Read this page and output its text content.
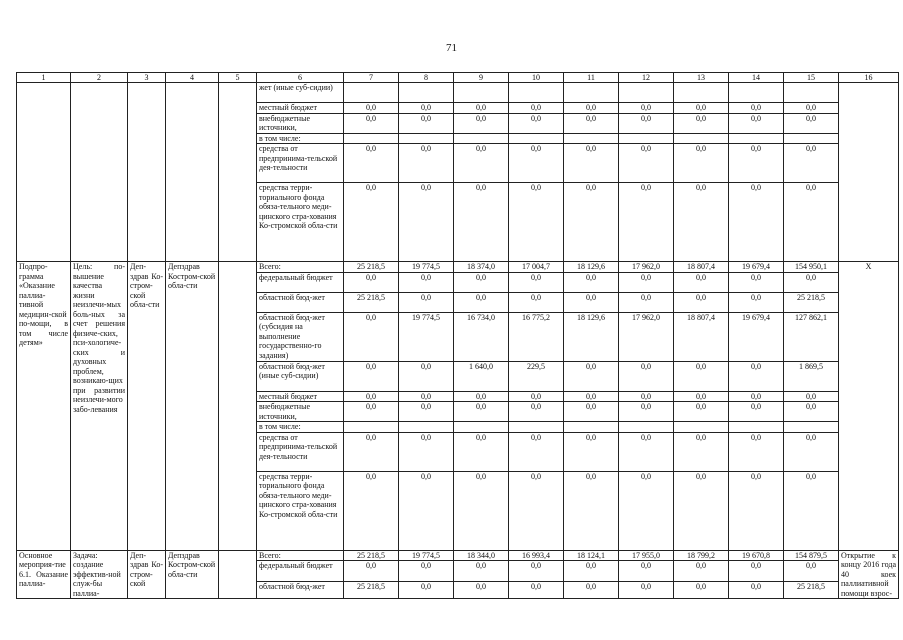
71
1	2	3	4	5	6	7	8	9	10	11	12	13	14	15	16
					жет (иные суб-сидии)										
					местный бюджет	0,0	0,0	0,0	0,0	0,0	0,0	0,0	0,0	0,0	
					внебюджетные источники,	0,0	0,0	0,0	0,0	0,0	0,0	0,0	0,0	0,0	
					в том числе:										
					средства от предпринима-тельской дея-тельности	0,0	0,0	0,0	0,0	0,0	0,0	0,0	0,0	0,0	
					средства терри-ториального фонда обяза-тельного меди-цинского стра-хования Ко-стромской обла-сти	0,0	0,0	0,0	0,0	0,0	0,0	0,0	0,0	0,0	
Подпро-грамма «Оказание паллиа-тивной медицин-ской по-мощи, в том числе детям»	Цель: по-вышение качества жизни неизлечи-мых боль-ных за счет решения физиче-ских, пси-хологиче-ских и духовных проблем, возникаю-щих при развитии неизлечи-мого забо-левания	Деп-здрав Ко-стром-ской обла-сти	Депздрав Костром-ской обла-сти		Всего:	25 218,5	19 774,5	18 374,0	17 004,7	18 129,6	17 962,0	18 807,4	19 679,4	154 950,1	Х
					федеральный бюджет	0,0	0,0	0,0	0,0	0,0	0,0	0,0	0,0	0,0	
					областной бюд-жет	25 218,5	0,0	0,0	0,0	0,0	0,0	0,0	0,0	25 218,5	
					областной бюд-жет (субсидия на выполнение государственно-го задания)	0,0	19 774,5	16 734,0	16 775,2	18 129,6	17 962,0	18 807,4	19 679,4	127 862,1	
					областной бюд-жет (иные суб-сидии)	0,0	0,0	1 640,0	229,5	0,0	0,0	0,0	0,0	1 869,5	
					местный бюджет	0,0	0,0	0,0	0,0	0,0	0,0	0,0	0,0	0,0	
					внебюджетные источники,	0,0	0,0	0,0	0,0	0,0	0,0	0,0	0,0	0,0	
					в том числе:										
					средства от предпринима-тельской дея-тельности	0,0	0,0	0,0	0,0	0,0	0,0	0,0	0,0	0,0	
					средства терри-ториального фонда обяза-тельного меди-цинского стра-хования Ко-стромской обла-сти	0,0	0,0	0,0	0,0	0,0	0,0	0,0	0,0	0,0	
Основное мероприя-тие 6.1. Оказание паллиа-	Задача: создание эффектив-ной служ-бы паллиа-	Деп-здрав Ко-стром-ской	Депздрав Костром-ской обла-сти		Всего:	25 218,5	19 774,5	18 344,0	16 993,4	18 124,1	17 955,0	18 799,2	19 670,8	154 879,5	Открытие к концу 2016 года 40 коек паллиативной помощи взрос-
					федеральный бюджет	0,0	0,0	0,0	0,0	0,0	0,0	0,0	0,0	0,0	
					областной бюд-жет	25 218,5	0,0	0,0	0,0	0,0	0,0	0,0	0,0	25 218,5	
